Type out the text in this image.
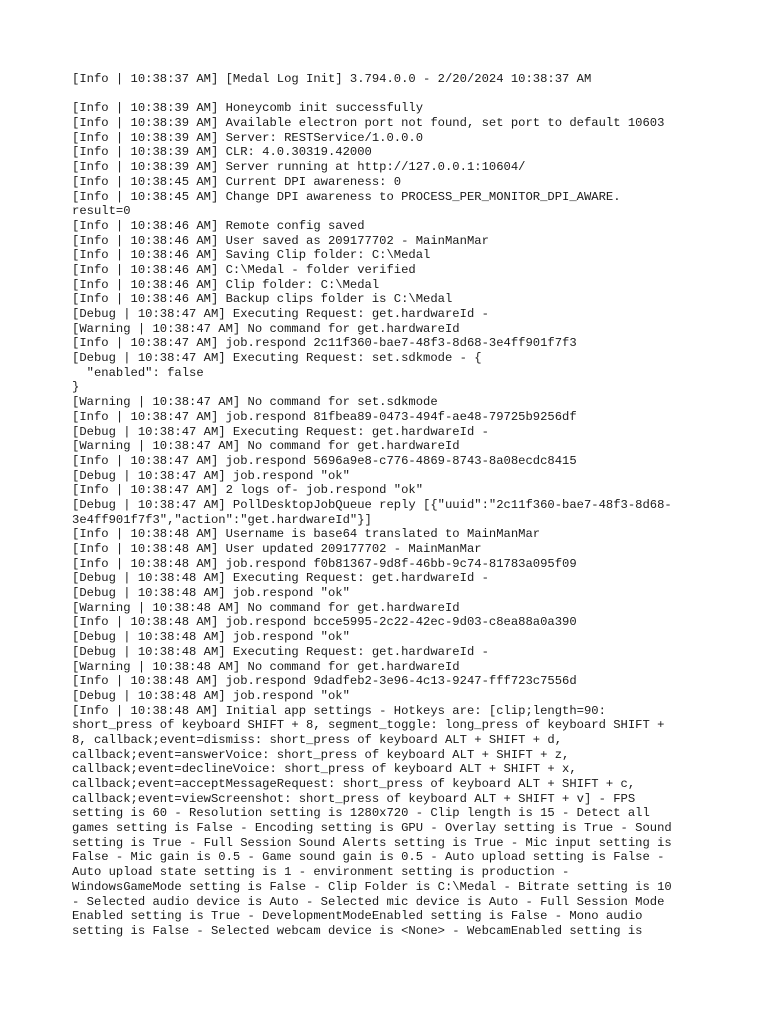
[Info | 10:38:37 AM] [Medal Log Init] 3.794.0.0 - 2/20/2024 10:38:37 AM
[Info | 10:38:39 AM] Honeycomb init successfully
[Info | 10:38:39 AM] Available electron port not found, set port to default 10603
[Info | 10:38:39 AM] Server: RESTService/1.0.0.0
[Info | 10:38:39 AM] CLR: 4.0.30319.42000
[Info | 10:38:39 AM] Server running at http://127.0.0.1:10604/
[Info | 10:38:45 AM] Current DPI awareness: 0
[Info | 10:38:45 AM] Change DPI awareness to PROCESS_PER_MONITOR_DPI_AWARE.
result=0
[Info | 10:38:46 AM] Remote config saved
[Info | 10:38:46 AM] User saved as 209177702 - MainManMar
[Info | 10:38:46 AM] Saving Clip folder: C:\Medal
[Info | 10:38:46 AM] C:\Medal - folder verified
[Info | 10:38:46 AM] Clip folder: C:\Medal
[Info | 10:38:46 AM] Backup clips folder is C:\Medal
[Debug | 10:38:47 AM] Executing Request: get.hardwareId -
[Warning | 10:38:47 AM] No command for get.hardwareId
[Info | 10:38:47 AM] job.respond 2c11f360-bae7-48f3-8d68-3e4ff901f7f3
[Debug | 10:38:47 AM] Executing Request: set.sdkmode - {
"enabled": false
}
[Warning | 10:38:47 AM] No command for set.sdkmode
[Info | 10:38:47 AM] job.respond 81fbea89-0473-494f-ae48-79725b9256df
[Debug | 10:38:47 AM] Executing Request: get.hardwareId -
[Warning | 10:38:47 AM] No command for get.hardwareId
[Info | 10:38:47 AM] job.respond 5696a9e8-c776-4869-8743-8a08ecdc8415
[Debug | 10:38:47 AM] job.respond "ok"
[Info | 10:38:47 AM] 2 logs of- job.respond "ok"
[Debug | 10:38:47 AM] PollDesktopJobQueue reply [{"uuid":"2c11f360-bae7-48f3-8d68-
3e4ff901f7f3","action":"get.hardwareId"}]
[Info | 10:38:48 AM] Username is base64 translated to MainManMar
[Info | 10:38:48 AM] User updated 209177702 - MainManMar
[Info | 10:38:48 AM] job.respond f0b81367-9d8f-46bb-9c74-81783a095f09
[Debug | 10:38:48 AM] Executing Request: get.hardwareId -
[Debug | 10:38:48 AM] job.respond "ok"
[Warning | 10:38:48 AM] No command for get.hardwareId
[Info | 10:38:48 AM] job.respond bcce5995-2c22-42ec-9d03-c8ea88a0a390
[Debug | 10:38:48 AM] job.respond "ok"
[Debug | 10:38:48 AM] Executing Request: get.hardwareId -
[Warning | 10:38:48 AM] No command for get.hardwareId
[Info | 10:38:48 AM] job.respond 9dadfeb2-3e96-4c13-9247-fff723c7556d
[Debug | 10:38:48 AM] job.respond "ok"
[Info | 10:38:48 AM] Initial app settings - Hotkeys are: [clip;length=90:
short_press of keyboard SHIFT + 8, segment_toggle: long_press of keyboard SHIFT +
8, callback;event=dismiss: short_press of keyboard ALT + SHIFT + d,
callback;event=answerVoice: short_press of keyboard ALT + SHIFT + z,
callback;event=declineVoice: short_press of keyboard ALT + SHIFT + x,
callback;event=acceptMessageRequest: short_press of keyboard ALT + SHIFT + c,
callback;event=viewScreenshot: short_press of keyboard ALT + SHIFT + v] - FPS
setting is 60 - Resolution setting is 1280x720 - Clip length is 15 - Detect all
games setting is False - Encoding setting is GPU - Overlay setting is True - Sound
setting is True - Full Session Sound Alerts setting is True - Mic input setting is
False - Mic gain is 0.5 - Game sound gain is 0.5 - Auto upload setting is False -
Auto upload state setting is 1 - environment setting is production -
WindowsGameMode setting is False - Clip Folder is C:\Medal - Bitrate setting is 10
- Selected audio device is Auto - Selected mic device is Auto - Full Session Mode
Enabled setting is True - DevelopmentModeEnabled setting is False - Mono audio
setting is False - Selected webcam device is <None> - WebcamEnabled setting is
